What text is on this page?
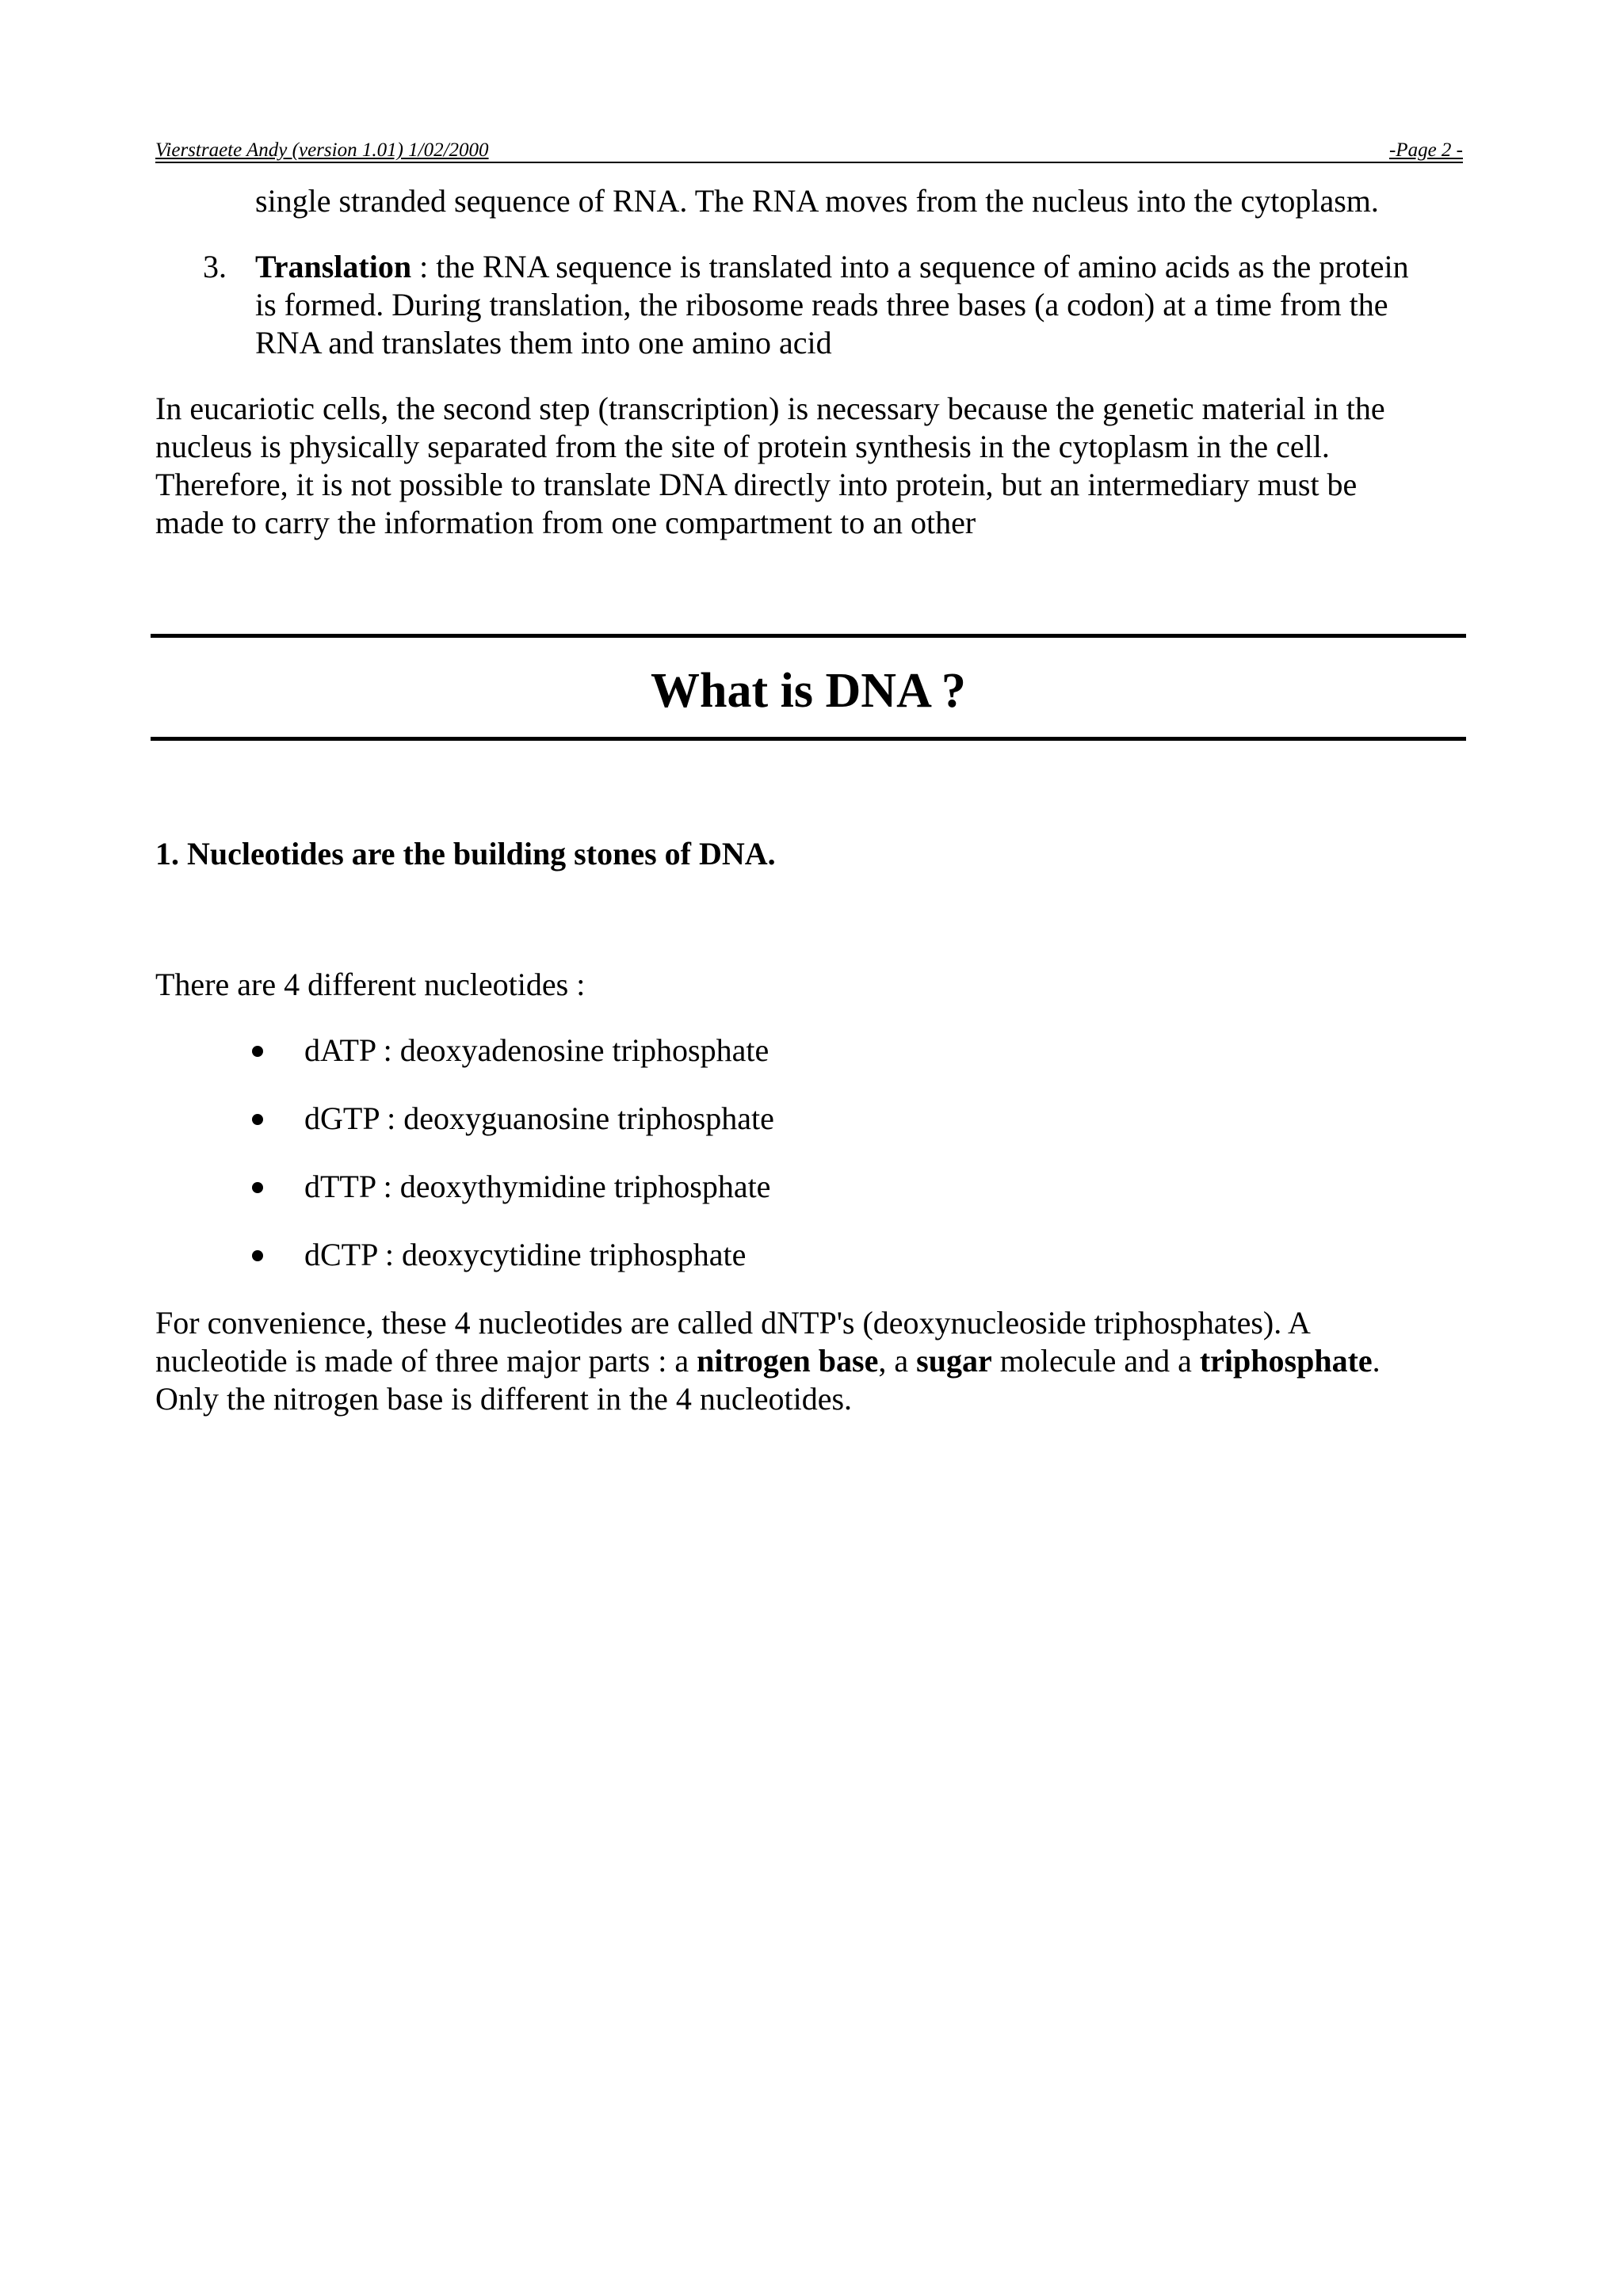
Vierstraete Andy (version 1.01) 1/02/2000	-Page 2 -
single stranded sequence of RNA. The RNA moves from the nucleus into the cytoplasm.
3. Translation : the RNA sequence is translated into a sequence of amino acids as the protein
is formed. During translation, the ribosome reads three bases (a codon) at a time from the
RNA and translates them into one amino acid
In eucariotic cells, the second step (transcription) is necessary because the genetic material in the
nucleus is physically separated from the site of protein synthesis in the cytoplasm in the cell.
Therefore, it is not possible to translate DNA directly into protein, but an intermediary must be
made to carry the information from one compartment to an other
What is DNA ?
1. Nucleotides are the building stones of DNA.
There are 4 different nucleotides :
dATP : deoxyadenosine triphosphate
dGTP : deoxyguanosine triphosphate
dTTP : deoxythymidine triphosphate
dCTP : deoxycytidine triphosphate
For convenience, these 4 nucleotides are called dNTP's (deoxynucleoside triphosphates). A
nucleotide is made of three major parts : a nitrogen base, a sugar molecule and a triphosphate.
Only the nitrogen base is different in the 4 nucleotides.
